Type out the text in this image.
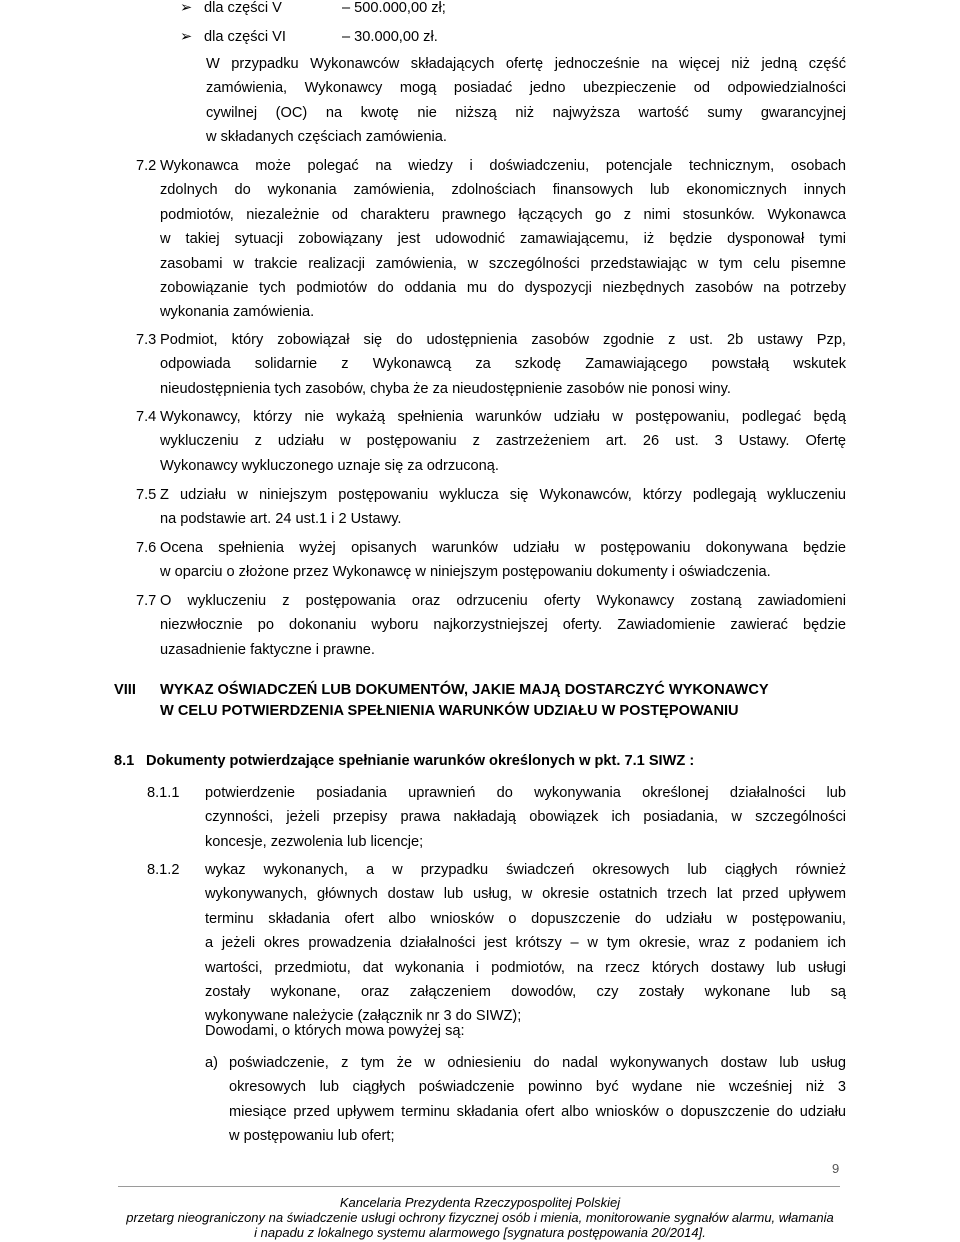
➢ dla części V	– 500.000,00 zł;
➢ dla części VI	– 30.000,00 zł.
W przypadku Wykonawców składających ofertę jednocześnie na więcej niż jedną część
zamówienia, Wykonawcy mogą posiadać jedno ubezpieczenie od odpowiedzialności
cywilnej (OC) na kwotę nie niższą niż najwyższa wartość sumy gwarancyjnej
w składanych częściach zamówienia.
7.2 Wykonawca może polegać na wiedzy i doświadczeniu, potencjale technicznym, osobach
zdolnych do wykonania zamówienia, zdolnościach finansowych lub ekonomicznych innych
podmiotów, niezależnie od charakteru prawnego łączących go z nimi stosunków. Wykonawca
w takiej sytuacji zobowiązany jest udowodnić zamawiającemu, iż będzie dysponował tymi
zasobami w trakcie realizacji zamówienia, w szczególności przedstawiając w tym celu pisemne
zobowiązanie tych podmiotów do oddania mu do dyspozycji niezbędnych zasobów na potrzeby
wykonania zamówienia.
7.3 Podmiot, który zobowiązał się do udostępnienia zasobów zgodnie z ust. 2b ustawy Pzp,
odpowiada solidarnie z Wykonawcą za szkodę Zamawiającego powstałą wskutek
nieudostępnienia tych zasobów, chyba że za nieudostępnienie zasobów nie ponosi winy.
7.4 Wykonawcy, którzy nie wykażą spełnienia warunków udziału w postępowaniu, podlegać będą
wykluczeniu z udziału w postępowaniu z zastrzeżeniem art. 26 ust. 3 Ustawy. Ofertę
Wykonawcy wykluczonego uznaje się za odrzuconą.
7.5 Z udziału w niniejszym postępowaniu wyklucza się Wykonawców, którzy podlegają wykluczeniu
na podstawie art. 24 ust.1 i 2 Ustawy.
7.6 Ocena spełnienia wyżej opisanych warunków udziału w postępowaniu dokonywana będzie
w oparciu o złożone przez Wykonawcę w niniejszym postępowaniu dokumenty i oświadczenia.
7.7 O wykluczeniu z postępowania oraz odrzuceniu oferty Wykonawcy zostaną zawiadomieni
niezwłocznie po dokonaniu wyboru najkorzystniejszej oferty. Zawiadomienie zawierać będzie
uzasadnienie faktyczne i prawne.
VIII WYKAZ OŚWIADCZEŃ LUB DOKUMENTÓW, JAKIE MAJĄ DOSTARCZYĆ WYKONAWCY
W CELU POTWIERDZENIA SPEŁNIENIA WARUNKÓW UDZIAŁU W POSTĘPOWANIU
8.1 Dokumenty potwierdzające spełnianie warunków określonych w pkt. 7.1 SIWZ :
8.1.1 potwierdzenie posiadania uprawnień do wykonywania określonej działalności lub
czynności, jeżeli przepisy prawa nakładają obowiązek ich posiadania, w szczególności
koncesje, zezwolenia lub licencje;
8.1.2 wykaz wykonanych, a w przypadku świadczeń okresowych lub ciągłych również
wykonywanych, głównych dostaw lub usług, w okresie ostatnich trzech lat przed upływem
terminu składania ofert albo wniosków o dopuszczenie do udziału w postępowaniu,
a jeżeli okres prowadzenia działalności jest krótszy – w tym okresie, wraz z podaniem ich
wartości, przedmiotu, dat wykonania i podmiotów, na rzecz których dostawy lub usługi
zostały wykonane, oraz załączeniem dowodów, czy zostały wykonane lub są
wykonywane należycie (załącznik nr 3 do SIWZ);
Dowodami, o których mowa powyżej są:
a) poświadczenie, z tym że w odniesieniu do nadal wykonywanych dostaw lub usług
okresowych lub ciągłych poświadczenie powinno być wydane nie wcześniej niż 3
miesiące przed upływem terminu składania ofert albo wniosków o dopuszczenie do udziału
w postępowaniu lub ofert;
9
Kancelaria Prezydenta Rzeczypospolitej Polskiej
przetarg nieograniczony na świadczenie usługi ochrony fizycznej osób i mienia, monitorowanie sygnałów alarmu, włamania
i napadu z lokalnego systemu alarmowego [sygnatura postępowania 20/2014].
